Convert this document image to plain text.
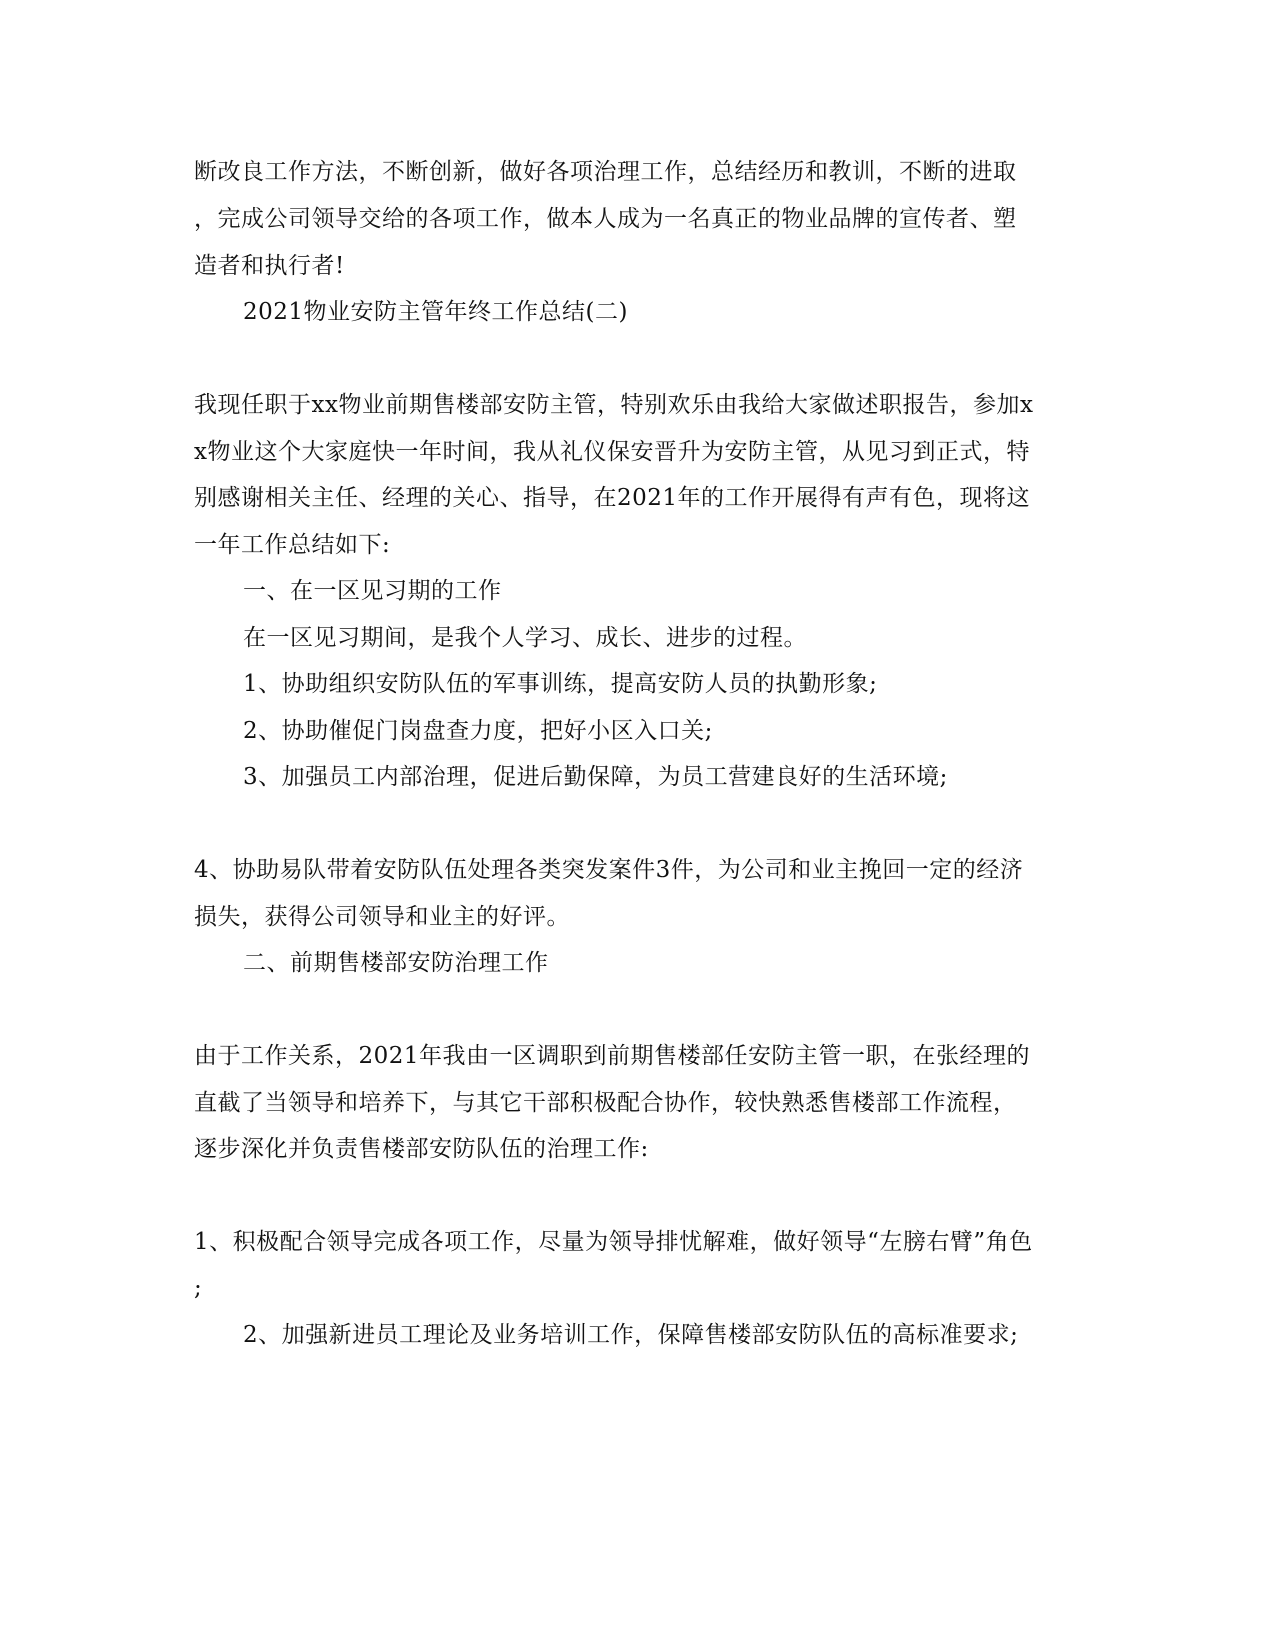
断改良工作方法，不断创新，做好各项治理工作，总结经历和教训，不断的进取
，完成公司领导交给的各项工作，做本人成为一名真正的物业品牌的宣传者、塑
造者和执行者!
2021物业安防主管年终工作总结(二)
我现任职于xx物业前期售楼部安防主管，特别欢乐由我给大家做述职报告，参加x
x物业这个大家庭快一年时间，我从礼仪保安晋升为安防主管，从见习到正式，特
别感谢相关主任、经理的关心、指导，在2021年的工作开展得有声有色，现将这
一年工作总结如下:
一、在一区见习期的工作
在一区见习期间，是我个人学习、成长、进步的过程。
1、协助组织安防队伍的军事训练，提高安防人员的执勤形象;
2、协助催促门岗盘查力度，把好小区入口关;
3、加强员工内部治理，促进后勤保障，为员工营建良好的生活环境;
4、协助易队带着安防队伍处理各类突发案件3件，为公司和业主挽回一定的经济
损失，获得公司领导和业主的好评。
二、前期售楼部安防治理工作
由于工作关系，2021年我由一区调职到前期售楼部任安防主管一职，在张经理的
直截了当领导和培养下，与其它干部积极配合协作，较快熟悉售楼部工作流程，
逐步深化并负责售楼部安防队伍的治理工作:
1、积极配合领导完成各项工作，尽量为领导排忧解难，做好领导“左膀右臂”角色
;
2、加强新进员工理论及业务培训工作，保障售楼部安防队伍的高标准要求;
